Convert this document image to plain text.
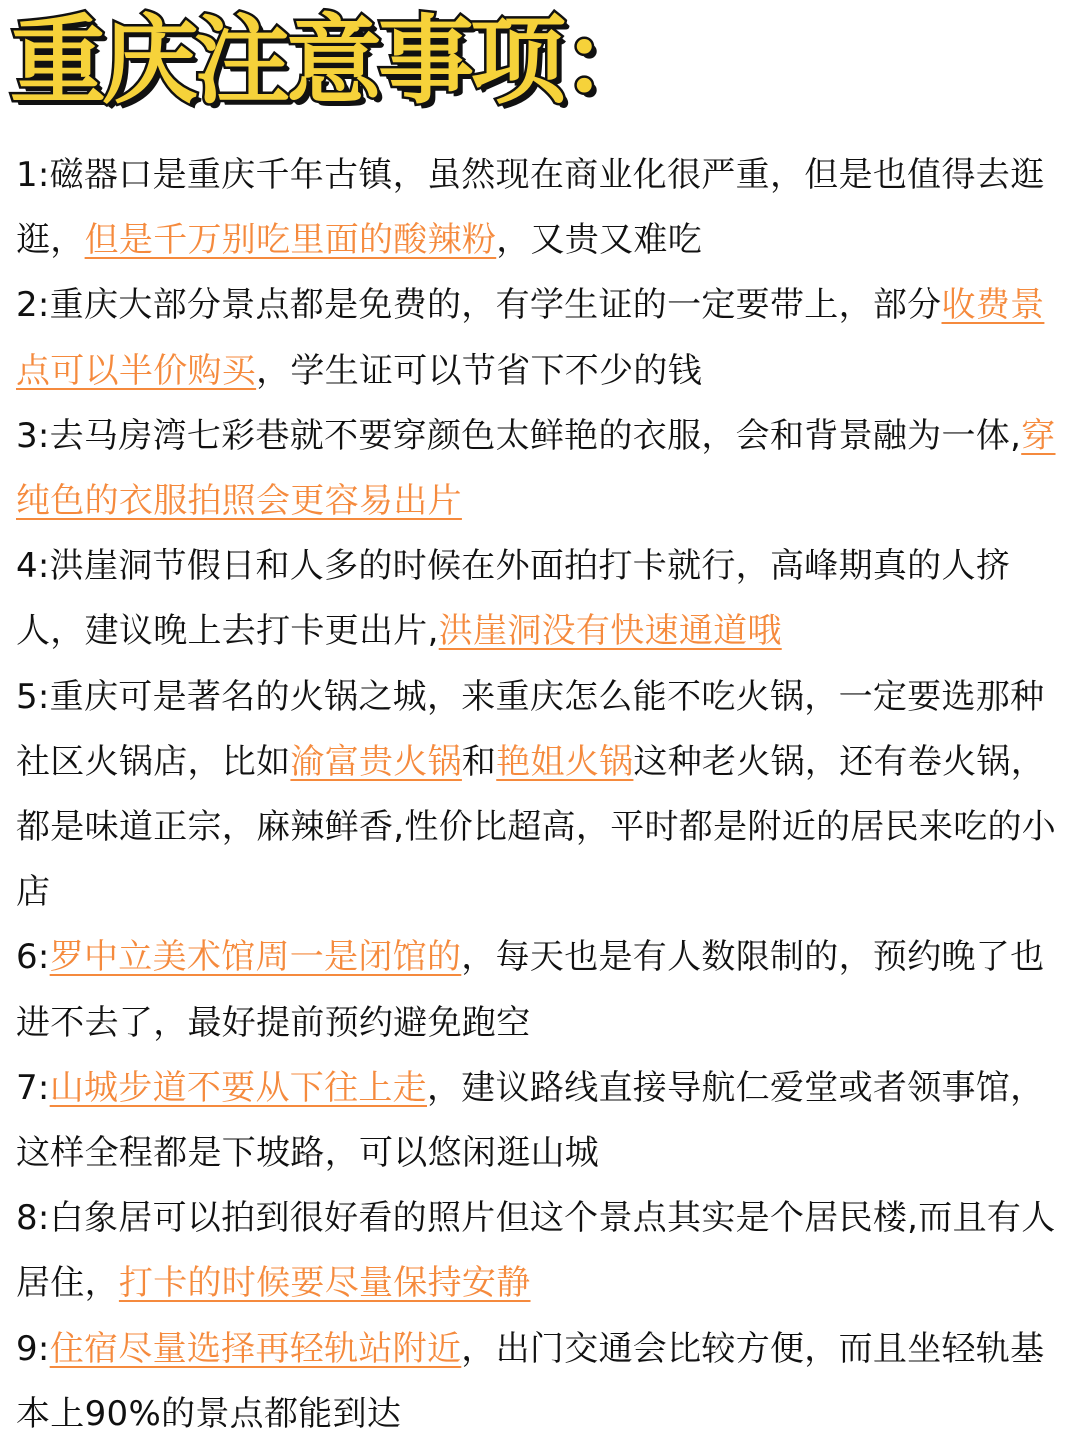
重庆注意事项：

1:磁器口是重庆千年古镇，虽然现在商业化很严重，但是也值得去逛逛，但是千万别吃里面的酸辣粉，又贵又难吃

2:重庆大部分景点都是免费的，有学生证的一定要带上，部分收费景点可以半价购买，学生证可以节省下不少的钱

3:去马房湾七彩巷就不要穿颜色太鲜艳的衣服，会和背景融为一体,穿纯色的衣服拍照会更容易出片

4:洪崖洞节假日和人多的时候在外面拍打卡就行，高峰期真的人挤人，建议晚上去打卡更出片,洪崖洞没有快速通道哦

5:重庆可是著名的火锅之城，来重庆怎么能不吃火锅，一定要选那种社区火锅店，比如渝富贵火锅和艳姐火锅这种老火锅，还有卷火锅，都是味道正宗，麻辣鲜香,性价比超高，平时都是附近的居民来吃的小店

6:罗中立美术馆周一是闭馆的，每天也是有人数限制的，预约晚了也进不去了，最好提前预约避免跑空

7:山城步道不要从下往上走，建议路线直接导航仁爱堂或者领事馆，这样全程都是下坡路，可以悠闲逛山城

8:白象居可以拍到很好看的照片但这个景点其实是个居民楼,而且有人居住，打卡的时候要尽量保持安静

9:住宿尽量选择再轻轨站附近，出门交通会比较方便，而且坐轻轨基本上90%的景点都能到达
